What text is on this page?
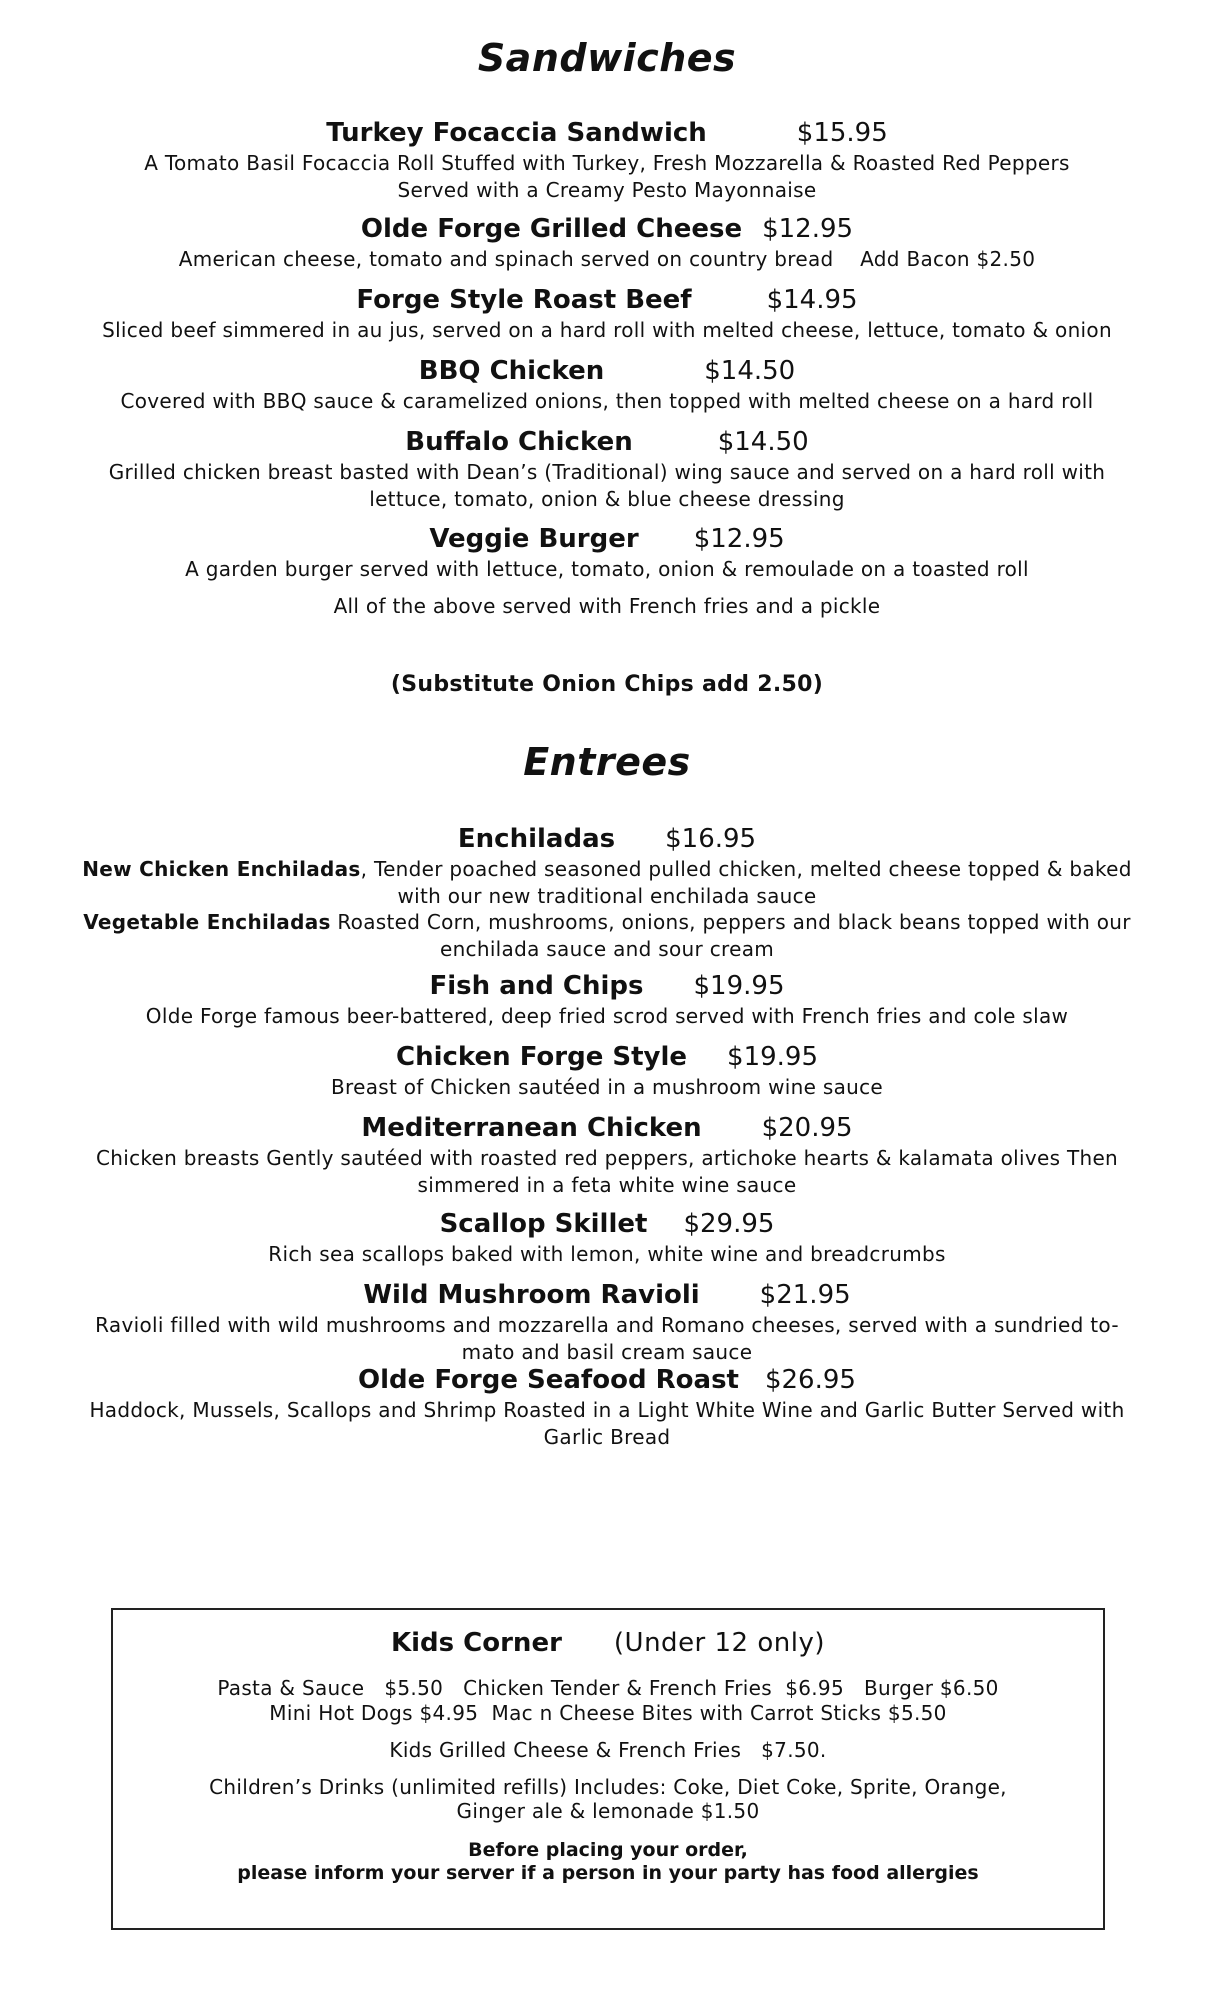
Sandwiches
Turkey Focaccia Sandwich	$15.95
A Tomato Basil Focaccia Roll Stuffed with Turkey, Fresh Mozzarella & Roasted Red Peppers
Served with a Creamy Pesto Mayonnaise
Olde Forge Grilled Cheese $12.95
American cheese, tomato and spinach served on country bread    Add Bacon $2.50
Forge Style Roast Beef	$14.95
Sliced beef simmered in au jus, served on a hard roll with melted cheese, lettuce, tomato & onion
BBQ Chicken	$14.50
Covered with BBQ sauce & caramelized onions, then topped with melted cheese on a hard roll
Buffalo Chicken	$14.50
Grilled chicken breast basted with Dean’s (Traditional) wing sauce and served on a hard roll with
lettuce, tomato, onion & blue cheese dressing
Veggie Burger $12.95
A garden burger served with lettuce, tomato, onion & remoulade on a toasted roll
All of the above served with French fries and a pickle
(Substitute Onion Chips add 2.50)
Entrees
Enchiladas $16.95
New Chicken Enchiladas, Tender poached seasoned pulled chicken, melted cheese topped & baked
with our new traditional enchilada sauce
Vegetable Enchiladas Roasted Corn, mushrooms, onions, peppers and black beans topped with our
enchilada sauce and sour cream
Fish and Chips $19.95
Olde Forge famous beer-battered, deep fried scrod served with French fries and cole slaw
Chicken Forge Style $19.95
Breast of Chicken sautéed in a mushroom wine sauce
Mediterranean Chicken $20.95
Chicken breasts Gently sautéed with roasted red peppers, artichoke hearts & kalamata olives Then
simmered in a feta white wine sauce
Scallop Skillet $29.95
Rich sea scallops baked with lemon, white wine and breadcrumbs
Wild Mushroom Ravioli $21.95
Ravioli filled with wild mushrooms and mozzarella and Romano cheeses, served with a sundried to-
mato and basil cream sauce
Olde Forge Seafood Roast $26.95
Haddock, Mussels, Scallops and Shrimp Roasted in a Light White Wine and Garlic Butter Served with
Garlic Bread
Kids Corner (Under 12 only)
Pasta & Sauce   $5.50   Chicken Tender & French Fries  $6.95   Burger $6.50
Mini Hot Dogs $4.95  Mac n Cheese Bites with Carrot Sticks $5.50
Kids Grilled Cheese & French Fries   $7.50.
Children’s Drinks (unlimited refills) Includes: Coke, Diet Coke, Sprite, Orange,
Ginger ale & lemonade $1.50
Before placing your order,
please inform your server if a person in your party has food allergies
